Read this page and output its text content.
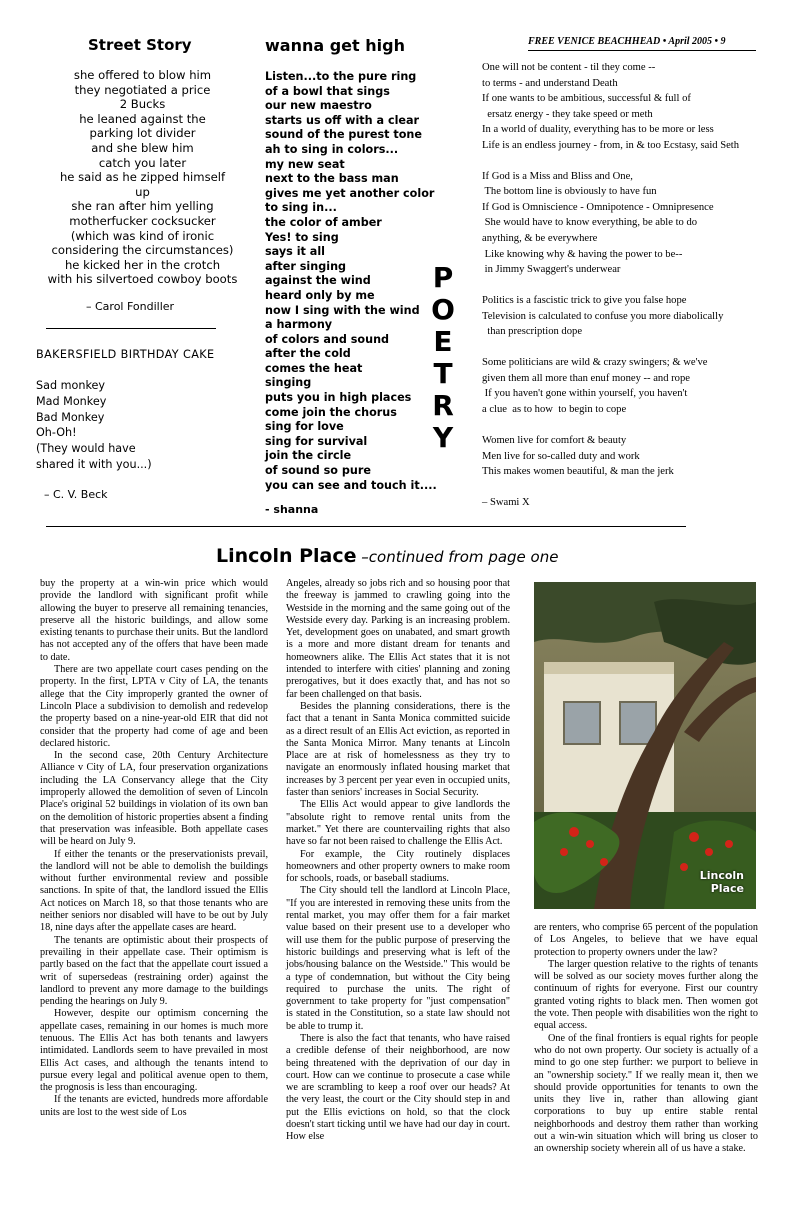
Street Story
she offered to blow him
they negotiated a price
2 Bucks
he leaned against the
parking lot divider
and she blew him
catch you later
he said as he zipped himself
up
she ran after him yelling
motherfucker cocksucker
(which was kind of ironic
considering the circumstances)
he kicked her in the crotch
with his silvertoed cowboy boots
– Carol Fondiller
BAKERSFIELD BIRTHDAY CAKE
Sad monkey
Mad Monkey
Bad Monkey
Oh-Oh!
(They would have
shared it with you...)
– C. V. Beck
wanna get high
Listen...to the pure ring
of a bowl that sings
our new maestro
starts us off with a clear
sound of the purest tone
ah to sing in colors...
my new seat
next to the bass man
gives me yet another color
to sing in...
the color of amber
Yes! to sing
says it all
after singing
against the wind
heard only by me
now I sing with the wind
a harmony
of colors and sound
after the cold
comes the heat
singing
puts you in high places
come join the chorus
sing for love
sing for survival
join the circle
of sound so pure
you can see and touch it....
- shanna
P
O
E
T
R
Y
FREE VENICE BEACHHEAD • April 2005 • 9
One will not be content - til they come --
to terms - and understand Death
If one wants to be ambitious, successful & full of
ersatz energy - they take speed or meth
In a world of duality, everything has to be more or less
Life is an endless journey - from, in & too Ecstasy, said Seth

If God is a Miss and Bliss and One,
The bottom line is obviously to have fun
If God is Omniscience - Omnipotence - Omnipresence
She would have to know everything, be able to do
anything, & be everywhere
Like knowing why & having the power to be--
in Jimmy Swaggert's underwear

Politics is a fascistic trick to give you false hope
Television is calculated to confuse you more diabolically
than prescription dope

Some politicians are wild & crazy swingers; & we've
given them all more than enuf money -- and rope
If you haven't gone within yourself, you haven't
a clue  as to how  to begin to cope

Women live for comfort & beauty
Men live for so-called duty and work
This makes women beautiful, & man the jerk

– Swami X
Lincoln Place –continued from page one

buy the property at a win-win price which would provide the landlord with significant profit while allowing the buyer to preserve all remaining tenancies, preserve all the historic buildings, and allow some existing tenants to purchase their units. But the landlord has not accepted any of the offers that have been made to date.

There are two appellate court cases pending on the property. In the first, LPTA v City of LA, the tenants allege that the City improperly granted the owner of Lincoln Place a subdivision to demolish and redevelop the property based on a nine-year-old EIR that did not consider that the property had come of age and been declared historic.

In the second case, 20th Century Architecture Alliance v City of LA, four preservation organizations including the LA Conservancy allege that the City improperly allowed the demolition of seven of Lincoln Place's original 52 buildings in violation of its own ban on the demolition of historic properties absent a finding that preservation was infeasible. Both appellate cases will be heard on July 9.

If either the tenants or the preservationists prevail, the landlord will not be able to demolish the buildings without further environmental review and possible sanctions. In spite of that, the landlord issued the Ellis Act notices on March 18, so that those tenants who are neither seniors nor disabled will have to be out by July 18, nine days after the appellate cases are heard.

The tenants are optimistic about their prospects of prevailing in their appellate case. Their optimism is partly based on the fact that the appellate court issued a writ of supersedeas (restraining order) against the landlord to prevent any more damage to the buildings pending the hearings on July 9.

However, despite our optimism concerning the appellate cases, remaining in our homes is much more tenuous. The Ellis Act has both tenants and lawyers intimidated. Landlords seem to have prevailed in most Ellis Act cases, and although the tenants intend to pursue every legal and political avenue open to them, the prognosis is less than encouraging.

If the tenants are evicted, hundreds more affordable units are lost to the west side of Los

Angeles, already so jobs rich and so housing poor that the freeway is jammed to crawling going into the Westside in the morning and the same going out of the Westside every day. Parking is an increasing problem. Yet, development goes on unabated, and smart growth is a more and more distant dream for tenants and homeowners alike. The Ellis Act states that it is not intended to interfere with cities' planning and zoning prerogatives, but it does exactly that, and has not so far been challenged on that basis.

Besides the planning considerations, there is the fact that a tenant in Santa Monica committed suicide as a direct result of an Ellis Act eviction, as reported in the Santa Monica Mirror. Many tenants at Lincoln Place are at risk of homelessness as they try to navigate an enormously inflated housing market that increases by 3 percent per year even in occupied units, faster than seniors' increases in Social Security.

The Ellis Act would appear to give landlords the "absolute right to remove rental units from the market." Yet there are countervailing rights that also have so far not been raised to challenge the Ellis Act.

For example, the City routinely displaces homeowners and other property owners to make room for schools, roads, or baseball stadiums.

The City should tell the landlord at Lincoln Place, "If you are interested in removing these units from the rental market, you may offer them for a fair market value based on their present use to a developer who will use them for the public purpose of preserving the historic buildings and preserving what is left of the jobs/housing balance on the Westside." This would be a type of condemnation, but without the City being required to purchase the units. The right of government to take property for "just compensation" is stated in the Constitution, so a state law should not be able to trump it.

There is also the fact that tenants, who have raised a credible defense of their neighborhood, are now being threatened with the deprivation of our day in court. How can we continue to prosecute a case while we are scrambling to keep a roof over our heads? At the very least, the court or the City should step in and put the Ellis evictions on hold, so that the clock doesn't start ticking until we have had our day in court. How else

are renters, who comprise 65 percent of the population of Los Angeles, to believe that we have equal protection to property owners under the law?

The larger question relative to the rights of tenants will be solved as our society moves further along the continuum of rights for everyone. First our country granted voting rights to black men. Then women got the vote. Then people with disabilities won the right to equal access.

One of the final frontiers is equal rights for people who do not own property. Our society is actually of a mind to go one step further: we purport to believe in an "ownership society." If we really mean it, then we should provide opportunities for tenants to own the units they live in, rather than allowing giant corporations to buy up entire stable rental neighborhoods and destroy them rather than working out a win-win situation which will bring us closer to an ownership society wherein all of us have a stake.

Lincoln
Place
